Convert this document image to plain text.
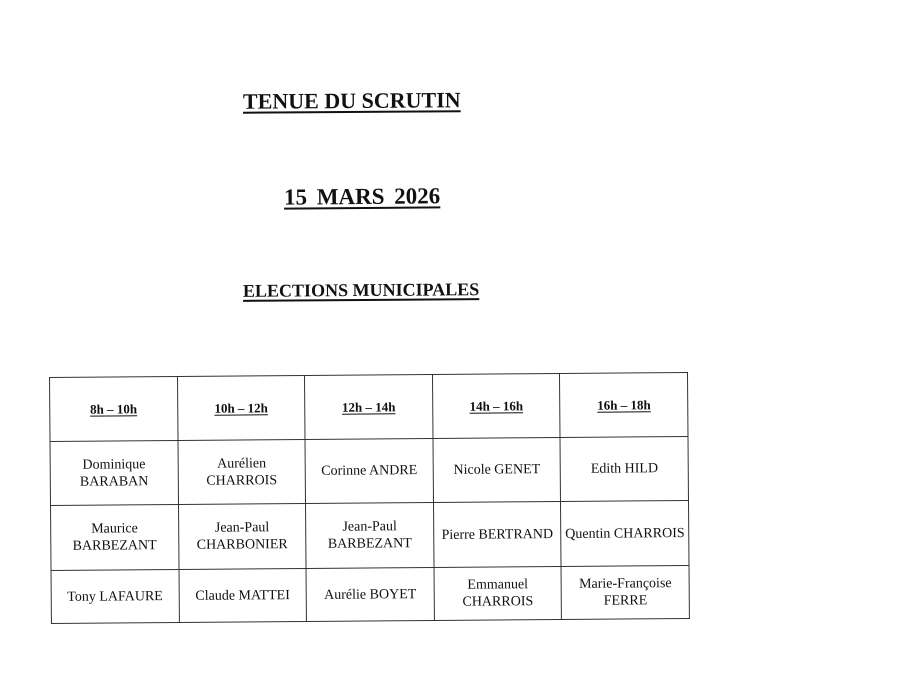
TENUE DU SCRUTIN
15 MARS 2026
ELECTIONS MUNICIPALES
8h – 10h	10h – 12h	12h – 14h	14h – 16h	16h – 18h
Dominique BARABAN	Aurélien CHARROIS	Corinne ANDRE	Nicole GENET	Edith HILD
Maurice BARBEZANT	Jean-Paul CHARBONIER	Jean-Paul BARBEZANT	Pierre BERTRAND	Quentin CHARROIS
Tony LAFAURE	Claude MATTEI	Aurélie BOYET	Emmanuel CHARROIS	Marie-Françoise FERRE
